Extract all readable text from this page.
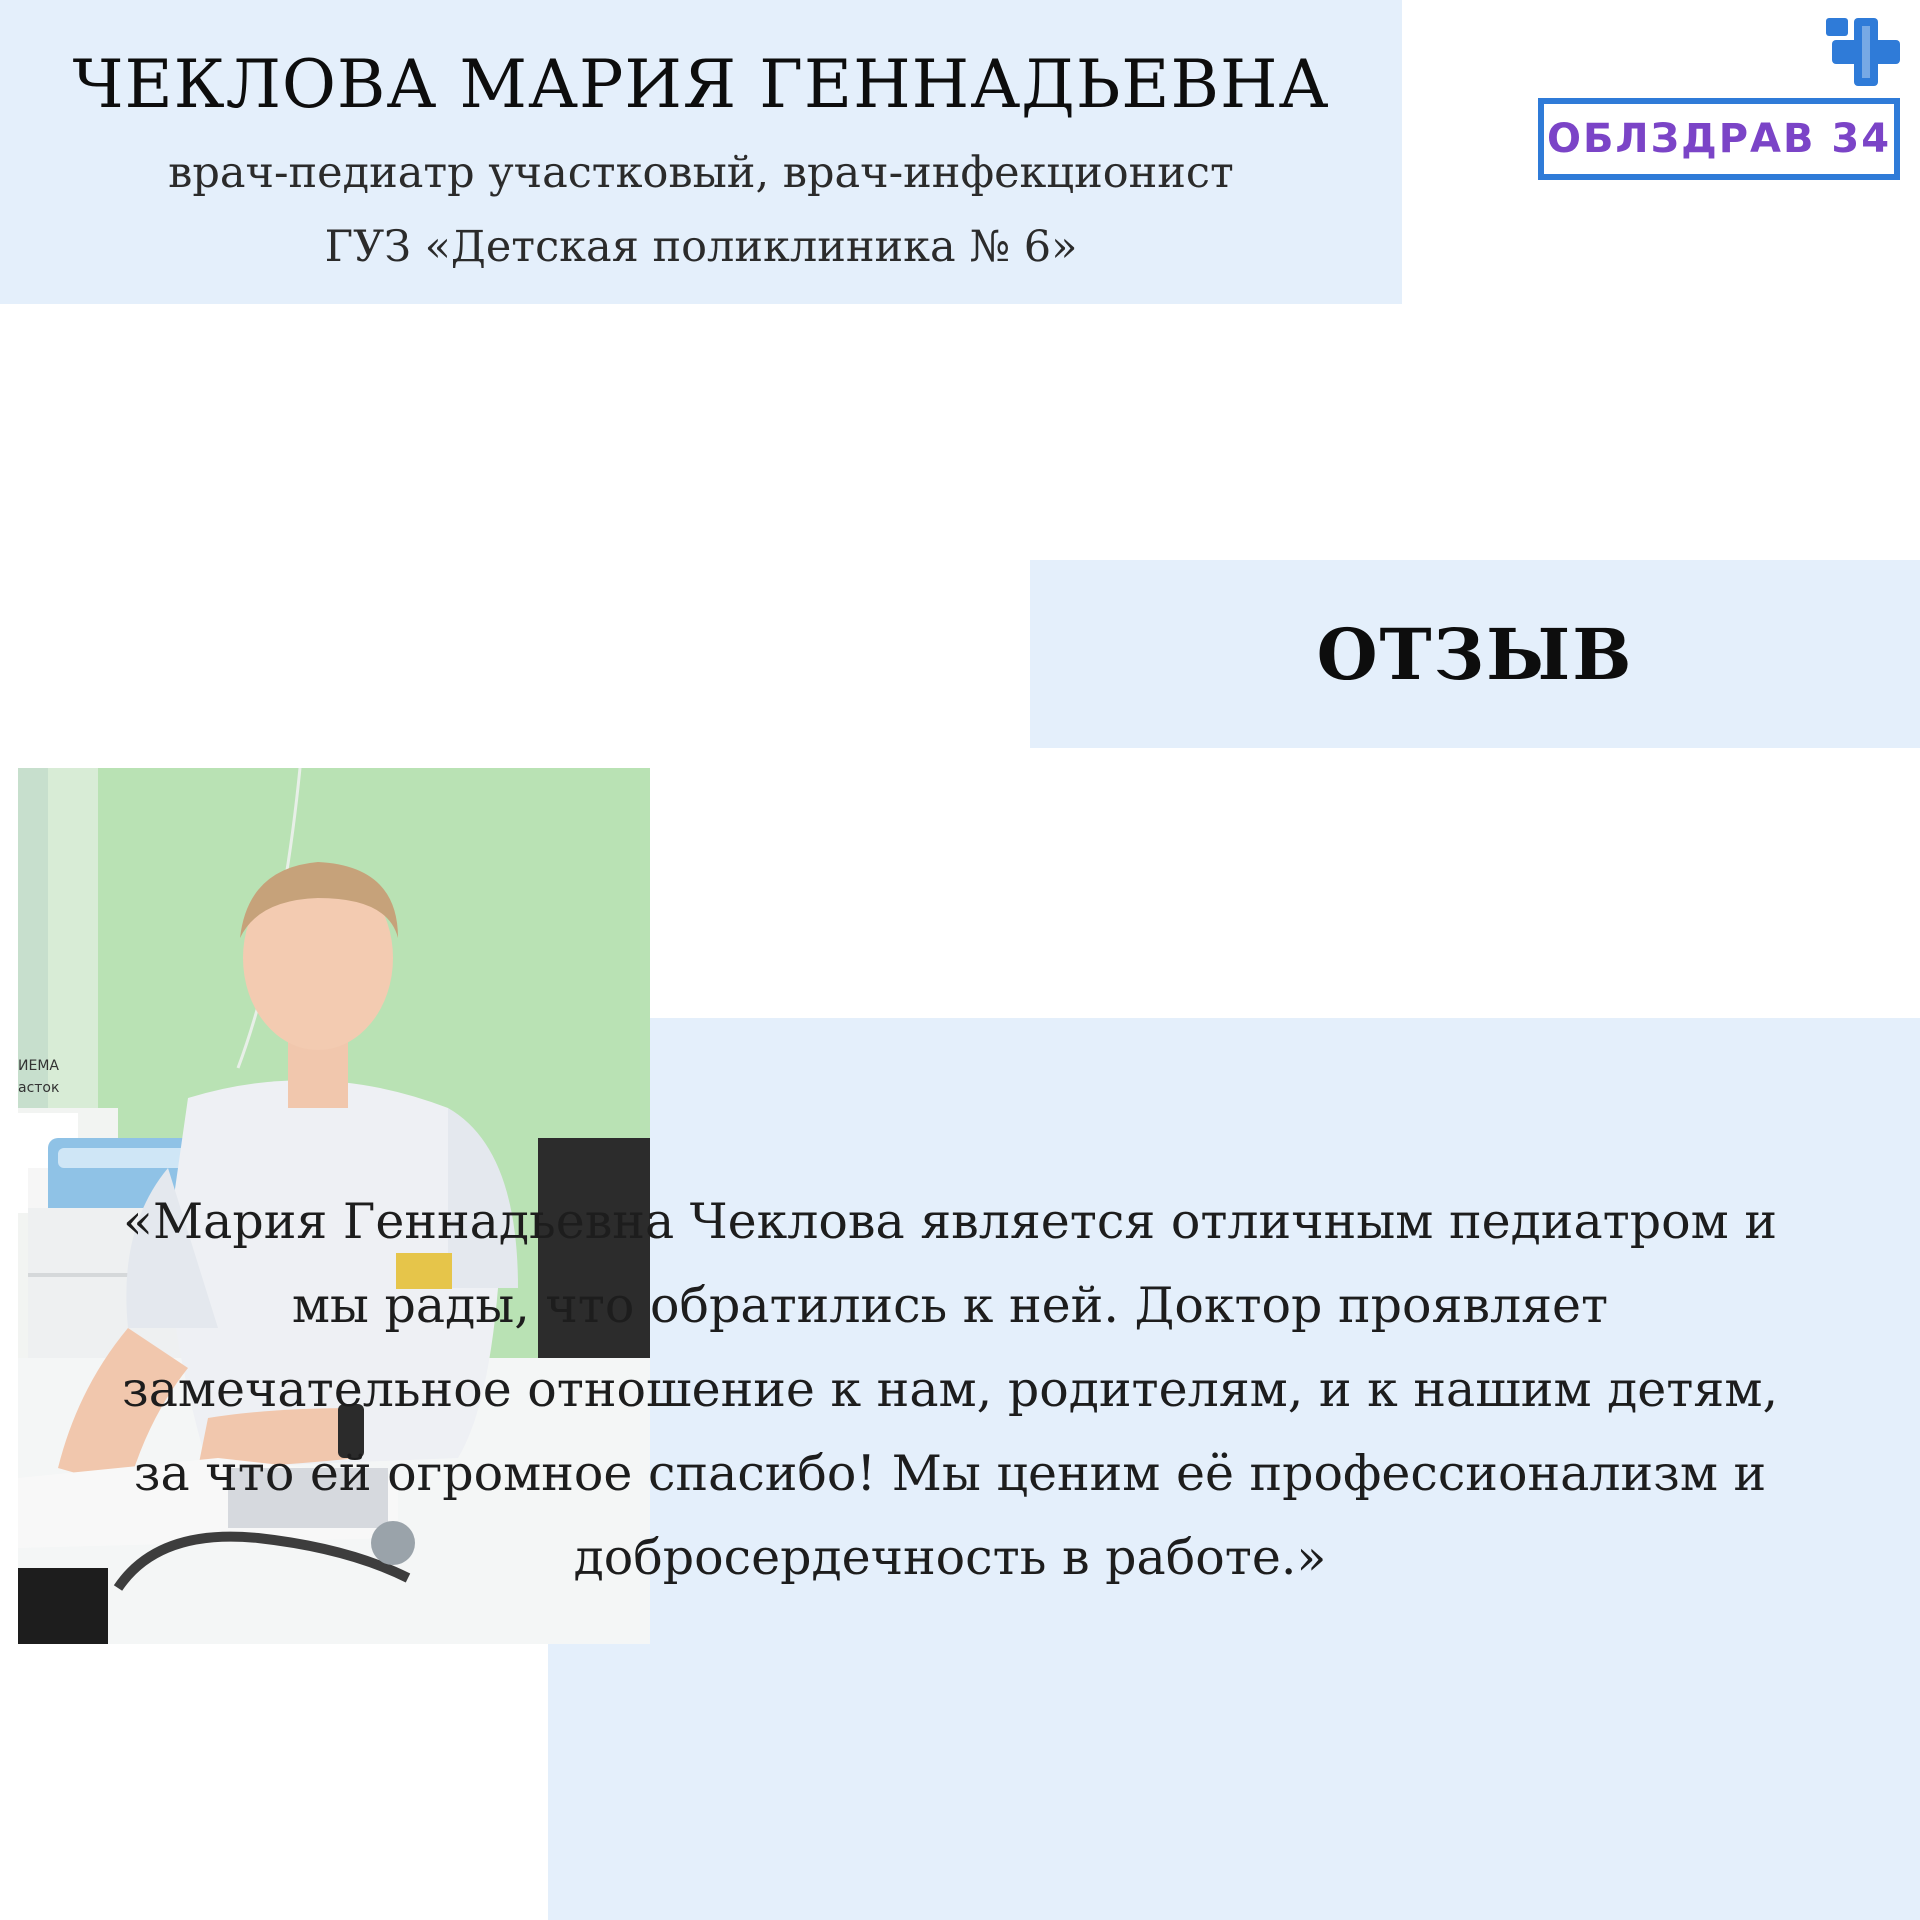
ЧЕКЛОВА МАРИЯ ГЕННАДЬЕВНА

врач-педиатр участковый, врач-инфекционист

ГУЗ «Детская поликлиника № 6»

ОБЛЗДРАВ 34
ОТЗЫВ
ИЕМА
асток

«Мария Геннадьевна Чеклова является отличным педиатром и мы рады, что обратились к ней. Доктор проявляет замечательное отношение к нам, родителям, и к нашим детям, за что ей огромное спасибо! Мы ценим её профессионализм и добросердечность в работе.»
